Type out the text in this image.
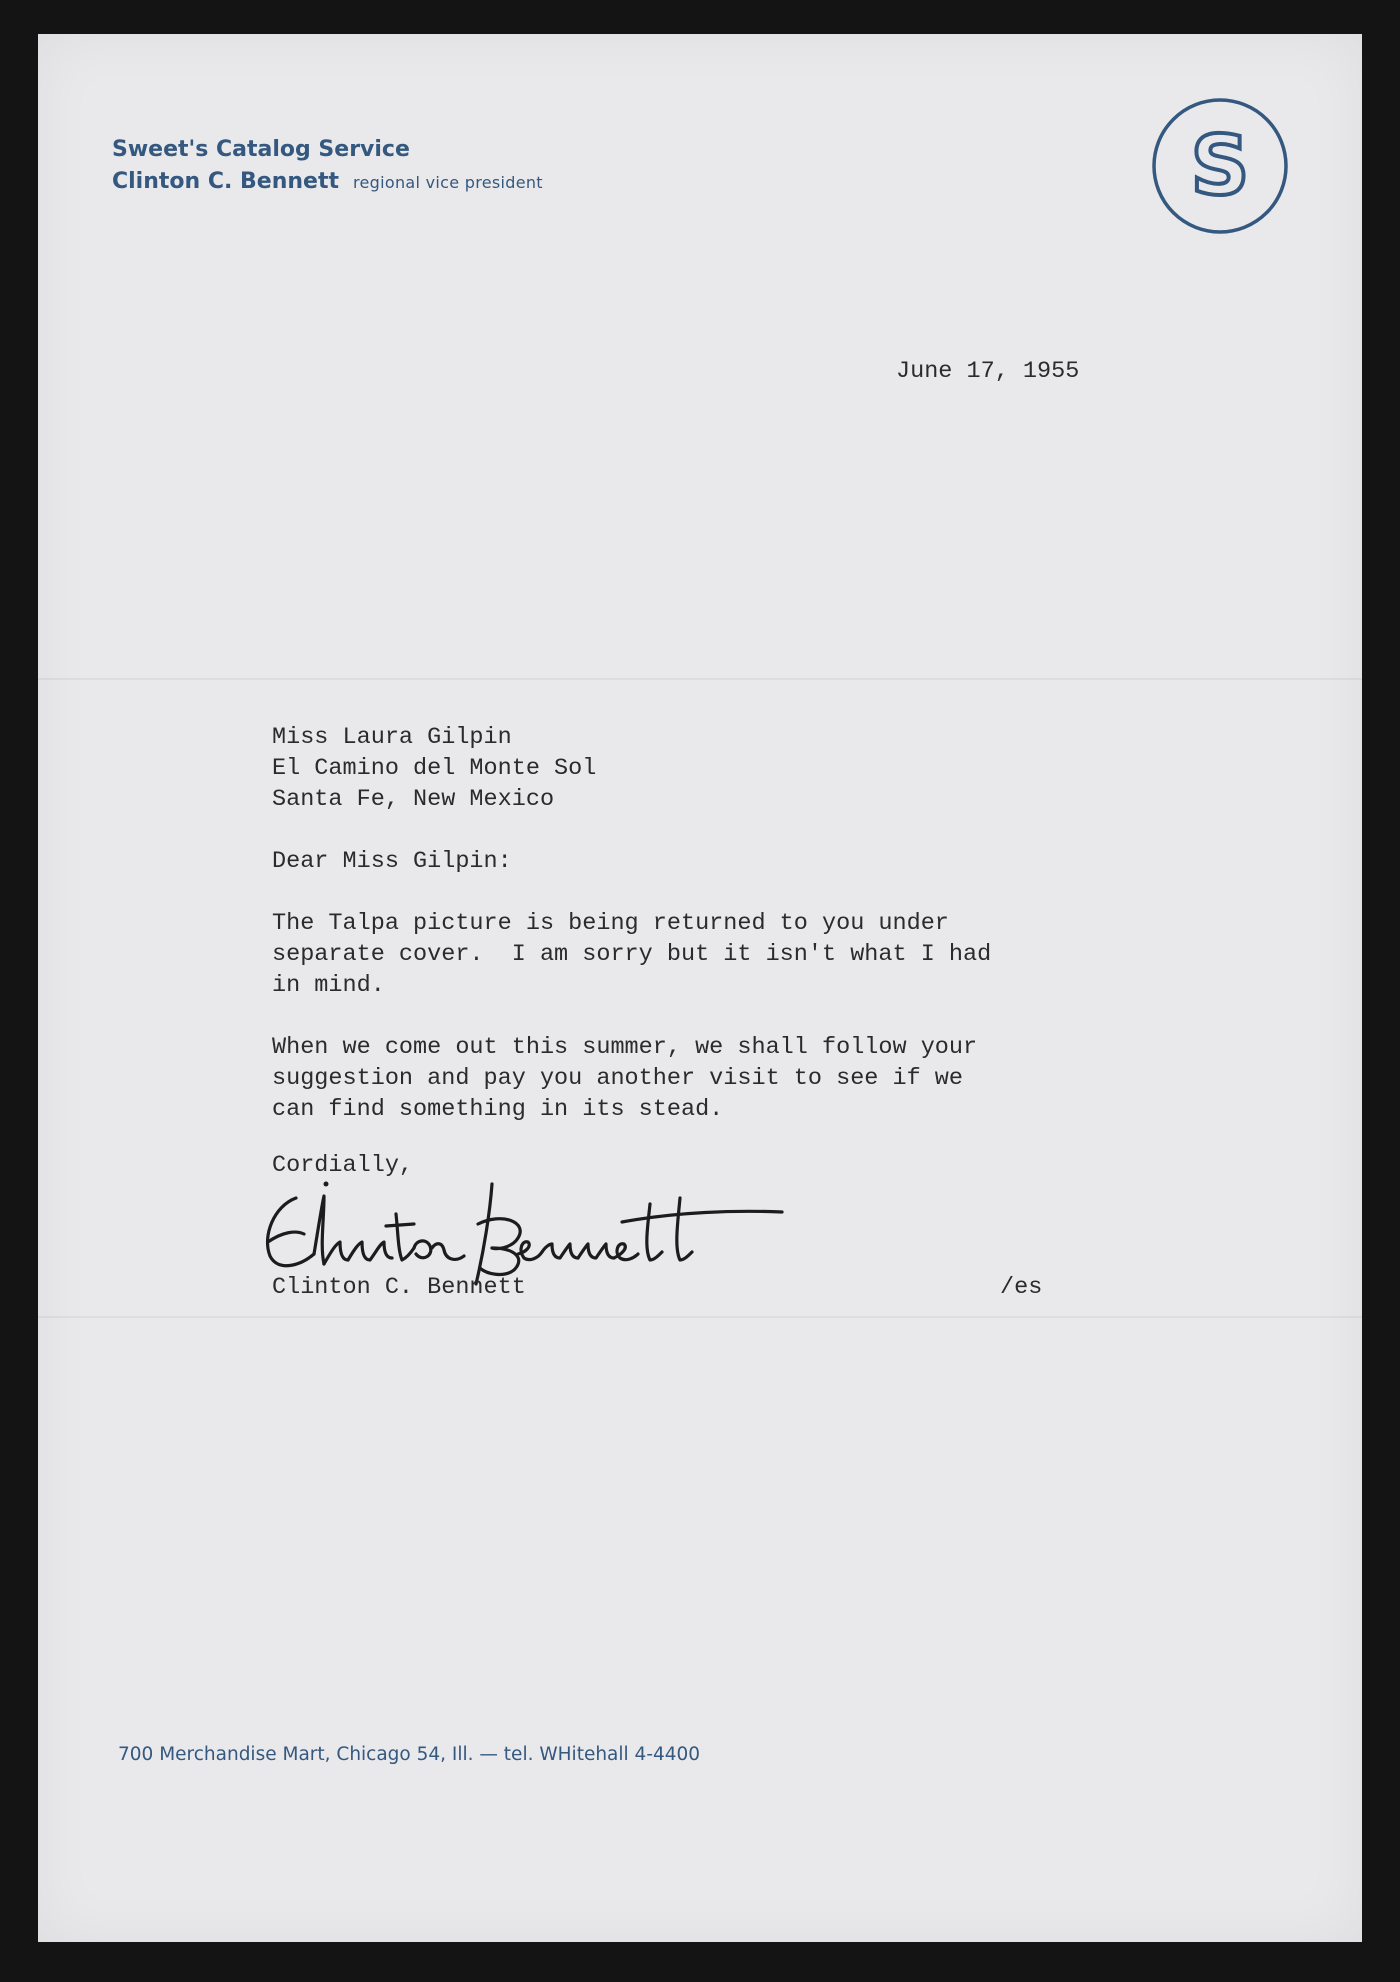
Sweet's Catalog Service
Clinton C. Bennett regional vice president	S
June 17, 1955
Miss Laura Gilpin
El Camino del Monte Sol
Santa Fe, New Mexico
Dear Miss Gilpin:
The Talpa picture is being returned to you under
separate cover.  I am sorry but it isn't what I had
in mind.
When we come out this summer, we shall follow your
suggestion and pay you another visit to see if we
can find something in its stead.
Cordially,
Clinton C. Bennett	/es
700 Merchandise Mart, Chicago 54, Ill. — tel. WHitehall 4-4400
